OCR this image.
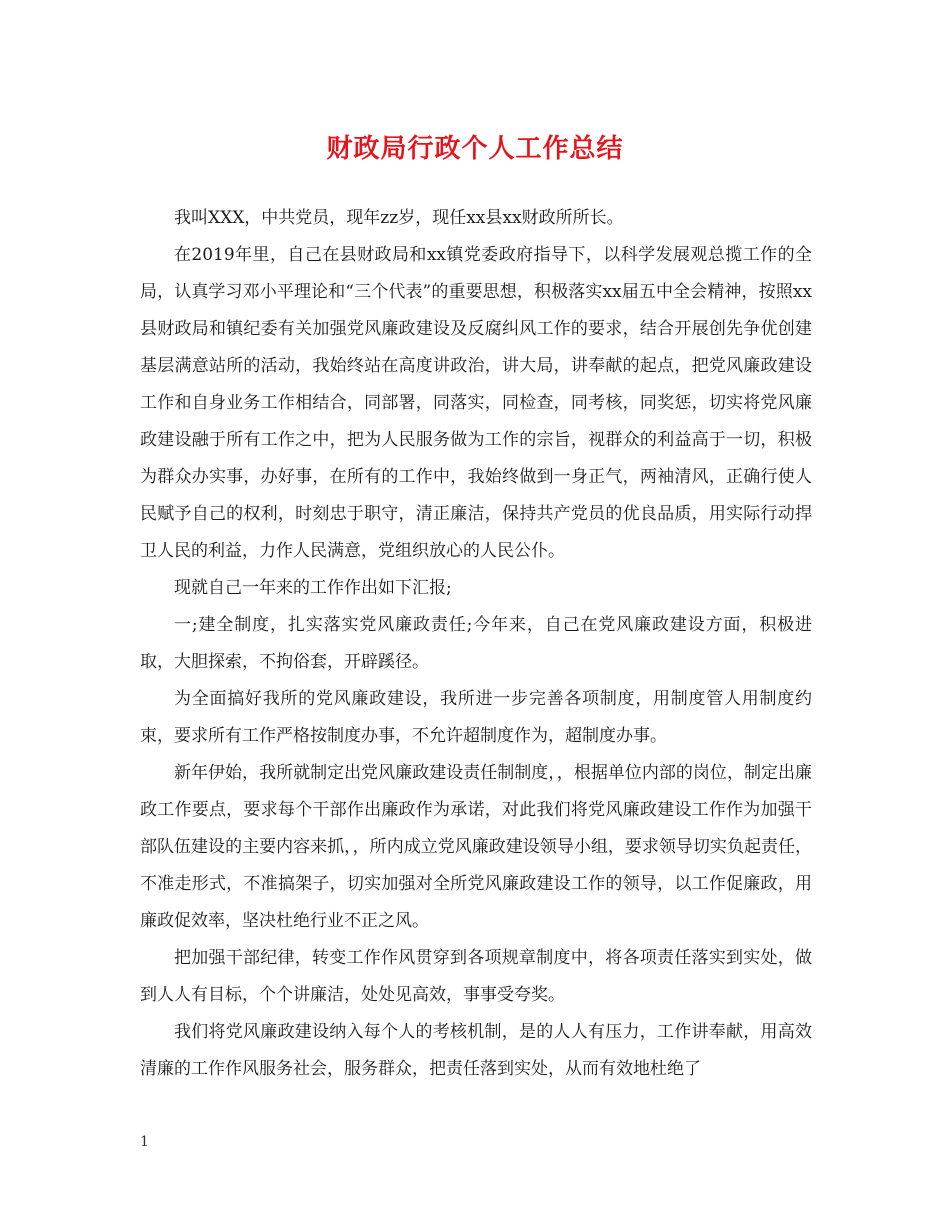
财政局行政个人工作总结

我叫XXX，中共党员，现年zz岁，现任xx县xx财政所所长。

在2019年里，自己在县财政局和xx镇党委政府指导下，以科学发展观总揽工作的全局，认真学习邓小平理论和“三个代表”的重要思想，积极落实xx届五中全会精神，按照xx县财政局和镇纪委有关加强党风廉政建设及反腐纠风工作的要求，结合开展创先争优创建基层满意站所的活动，我始终站在高度讲政治，讲大局，讲奉献的起点，把党风廉政建设工作和自身业务工作相结合，同部署，同落实，同检查，同考核，同奖惩，切实将党风廉政建设融于所有工作之中，把为人民服务做为工作的宗旨，视群众的利益高于一切，积极为群众办实事，办好事，在所有的工作中，我始终做到一身正气，两袖清风，正确行使人民赋予自己的权利，时刻忠于职守，清正廉洁，保持共产党员的优良品质，用实际行动捍卫人民的利益，力作人民满意，党组织放心的人民公仆。

现就自己一年来的工作作出如下汇报;

一;建全制度，扎实落实党风廉政责任;今年来，自己在党风廉政建设方面，积极进取，大胆探索，不拘俗套，开辟蹊径。

为全面搞好我所的党风廉政建设，我所进一步完善各项制度，用制度管人用制度约束，要求所有工作严格按制度办事，不允许超制度作为，超制度办事。

新年伊始，我所就制定出党风廉政建设责任制制度，，根据单位内部的岗位，制定出廉政工作要点，要求每个干部作出廉政作为承诺，对此我们将党风廉政建设工作作为加强干部队伍建设的主要内容来抓，，所内成立党风廉政建设领导小组，要求领导切实负起责任，不准走形式，不准搞架子，切实加强对全所党风廉政建设工作的领导，以工作促廉政，用廉政促效率，坚决杜绝行业不正之风。

把加强干部纪律，转变工作作风贯穿到各项规章制度中，将各项责任落实到实处，做到人人有目标，个个讲廉洁，处处见高效，事事受夸奖。

我们将党风廉政建设纳入每个人的考核机制，是的人人有压力，工作讲奉献，用高效清廉的工作作风服务社会，服务群众，把责任落到实处，从而有效地杜绝了

1
